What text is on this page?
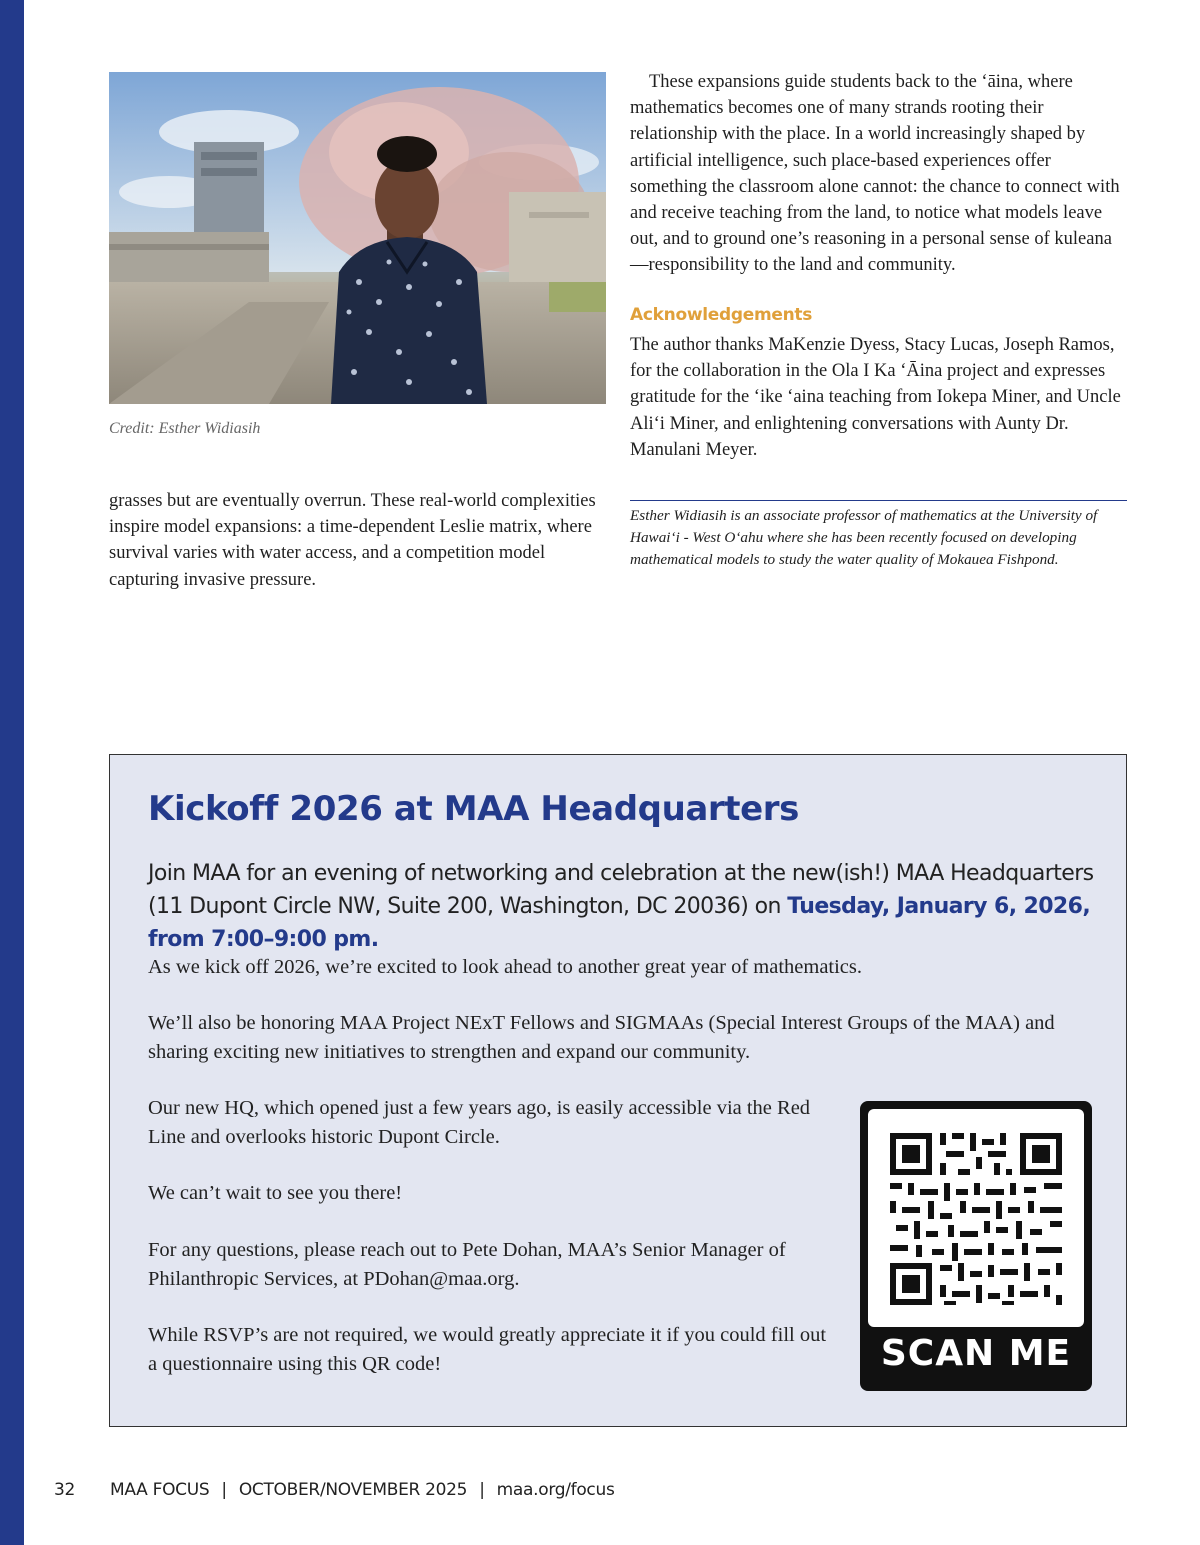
Credit: Esther Widiasih
grasses but are eventually overrun. These real-world complexities inspire model expansions: a time-dependent Leslie matrix, where survival varies with water access, and a competition model capturing invasive pressure.
These expansions guide students back to the ʻāina, where mathematics becomes one of many strands rooting their relationship with the place. In a world increasingly shaped by artificial intelligence, such place-based experiences offer something the classroom alone cannot: the chance to connect with and receive teaching from the land, to notice what models leave out, and to ground one’s reasoning in a personal sense of kuleana—responsibility to the land and community.
Acknowledgements
The author thanks MaKenzie Dyess, Stacy Lucas, Joseph Ramos, for the collaboration in the Ola I Ka ʻĀina project and expresses gratitude for the ʻike ʻaina teaching from Iokepa Miner, and Uncle Aliʻi Miner, and enlightening conversations with Aunty Dr. Manulani Meyer.
Esther Widiasih is an associate professor of mathematics at the University of Hawaiʻi - West Oʻahu where she has been recently focused on developing mathematical models to study the water quality of Mokauea Fishpond.
Kickoff 2026 at MAA Headquarters
Join MAA for an evening of networking and celebration at the new(ish!) MAA Headquarters (11 Dupont Circle NW, Suite 200, Washington, DC 20036) on Tuesday, January 6, 2026, from 7:00–9:00 pm.
As we kick off 2026, we’re excited to look ahead to another great year of mathematics.
We’ll also be honoring MAA Project NExT Fellows and SIGMAAs (Special Interest Groups of the MAA) and sharing exciting new initiatives to strengthen and expand our community.
Our new HQ, which opened just a few years ago, is easily accessible via the Red Line and overlooks historic Dupont Circle.
We can’t wait to see you there!
For any questions, please reach out to Pete Dohan, MAA’s Senior Manager of Philanthropic Services, at PDohan@maa.org.
While RSVP’s are not required, we would greatly appreciate it if you could fill out a questionnaire using this QR code!	SCAN ME
32 MAA FOCUS | OCTOBER/NOVEMBER 2025 | maa.org/focus
